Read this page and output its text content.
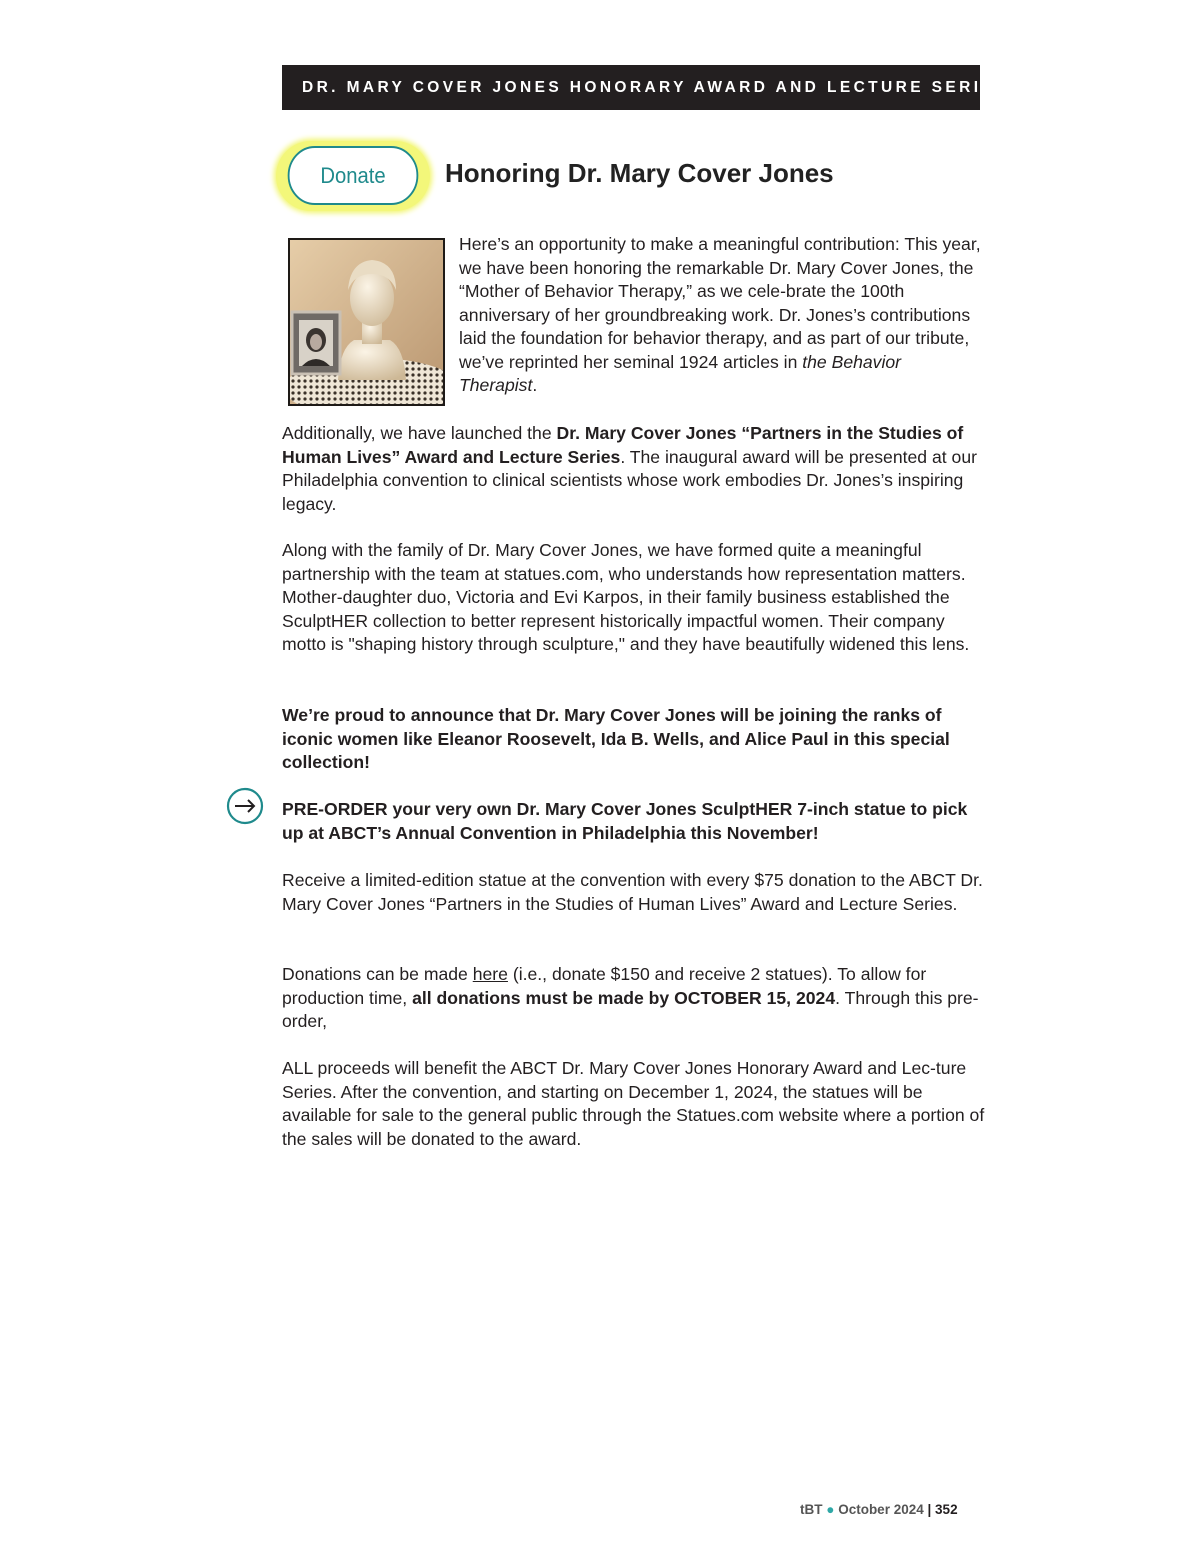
DR. MARY COVER JONES HONORARY AWARD AND LECTURE SERIES
Donate Honoring Dr. Mary Cover Jones

Here’s an opportunity to make a meaningful contribution: This year, we have been honoring the remarkable Dr. Mary Cover Jones, the “Mother of Behavior Therapy,” as we cele-brate the 100th anniversary of her groundbreaking work. Dr. Jones’s contributions laid the foundation for behavior therapy, and as part of our tribute, we’ve reprinted her seminal 1924 articles in the Behavior Therapist.

Additionally, we have launched the Dr. Mary Cover Jones “Partners in the Studies of Human Lives” Award and Lecture Series. The inaugural award will be presented at our Philadelphia convention to clinical scientists whose work embodies Dr. Jones’s inspiring legacy.

Along with the family of Dr. Mary Cover Jones, we have formed quite a meaningful partnership with the team at statues.com, who understands how representation matters. Mother-daughter duo, Victoria and Evi Karpos, in their family business established the SculptHER collection to better represent historically impactful women. Their company motto is "shaping history through sculpture," and they have beautifully widened this lens.

We’re proud to announce that Dr. Mary Cover Jones will be joining the ranks of iconic women like Eleanor Roosevelt, Ida B. Wells, and Alice Paul in this special collection!

PRE-ORDER your very own Dr. Mary Cover Jones SculptHER 7-inch statue to pick up at ABCT’s Annual Convention in Philadelphia this November!

Receive a limited-edition statue at the convention with every $75 donation to the ABCT Dr. Mary Cover Jones “Partners in the Studies of Human Lives” Award and Lecture Series.

Donations can be made here (i.e., donate $150 and receive 2 statues). To allow for production time, all donations must be made by OCTOBER 15, 2024. Through this pre-order,

ALL proceeds will benefit the ABCT Dr. Mary Cover Jones Honorary Award and Lec-ture Series. After the convention, and starting on December 1, 2024, the statues will be available for sale to the general public through the Statues.com website where a portion of the sales will be donated to the award.

tBT ● October 2024 | 352
